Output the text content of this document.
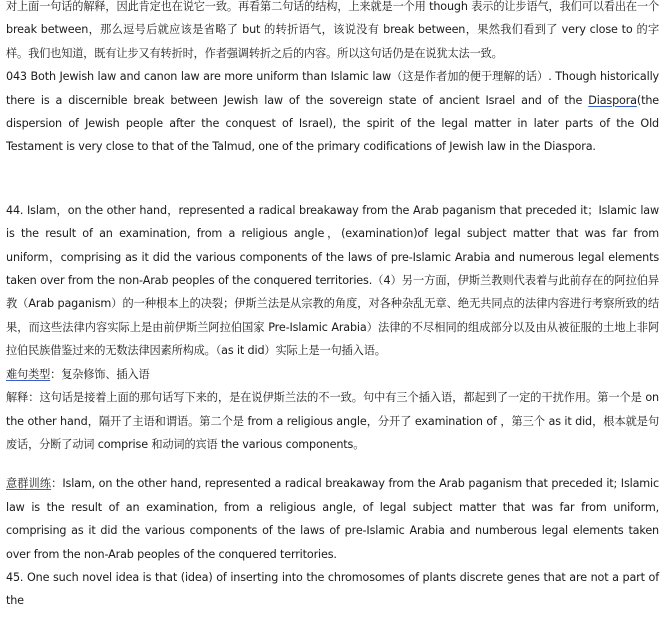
对上面一句话的解释，因此肯定也在说它一致。再看第二句话的结构，上来就是一个用 though 表示的让步语气，我们可以看出在一个 break between，那么逗号后就应该是省略了 but 的转折语气，该说没有 break between，果然我们看到了 very close to 的字样。我们也知道，既有让步又有转折时，作者强调转折之后的内容。所以这句话仍是在说犹太法一致。

043 Both Jewish law and canon law are more uniform than Islamic law（这是作者加的便于理解的话）. Though historically there is a discernible break between Jewish law of the sovereign state of ancient Israel and of the Diaspora(the dispersion of Jewish people after the conquest of Israel), the spirit of the legal matter in later parts of the Old Testament is very close to that of the Talmud, one of the primary codifications of Jewish law in the Diaspora.

44. Islam，on the other hand，represented a radical breakaway from the Arab paganism that preceded it；Islamic law is the result of an examination, from a religious angle，(examination)of legal subject matter that was far from uniform，comprising as it did the various components of the laws of pre-Islamic Arabia and numerous legal elements taken over from the non-Arab peoples of the conquered territories.（4）另一方面，伊斯兰教则代表着与此前存在的阿拉伯异教（Arab paganism）的一种根本上的决裂；伊斯兰法是从宗教的角度，对各种杂乱无章、绝无共同点的法律内容进行考察所致的结果，而这些法律内容实际上是由前伊斯兰阿拉伯国家 Pre-Islamic Arabia）法律的不尽相同的组成部分以及由从被征服的土地上非阿拉伯民族借鉴过来的无数法律因素所构成。（as it did）实际上是一句插入语。

难句类型：复杂修饰、插入语

解释：这句话是接着上面的那句话写下来的，是在说伊斯兰法的不一致。句中有三个插入语，都起到了一定的干扰作用。第一个是 on the other hand，隔开了主语和谓语。第二个是 from a religious angle，分开了 examination of ，第三个 as it did，根本就是句废话，分断了动词 comprise 和动词的宾语 the various components。

意群训练：Islam, on the other hand, represented a radical breakaway from the Arab paganism that preceded it; Islamic law is the result of an examination, from a religious angle, of legal subject matter that was far from uniform, comprising as it did the various components of the laws of pre-Islamic Arabia and numberous legal elements taken over from the non-Arab peoples of the conquered territories.

45. One such novel idea is that (idea) of inserting into the chromosomes of plants discrete genes that are not a part of the
